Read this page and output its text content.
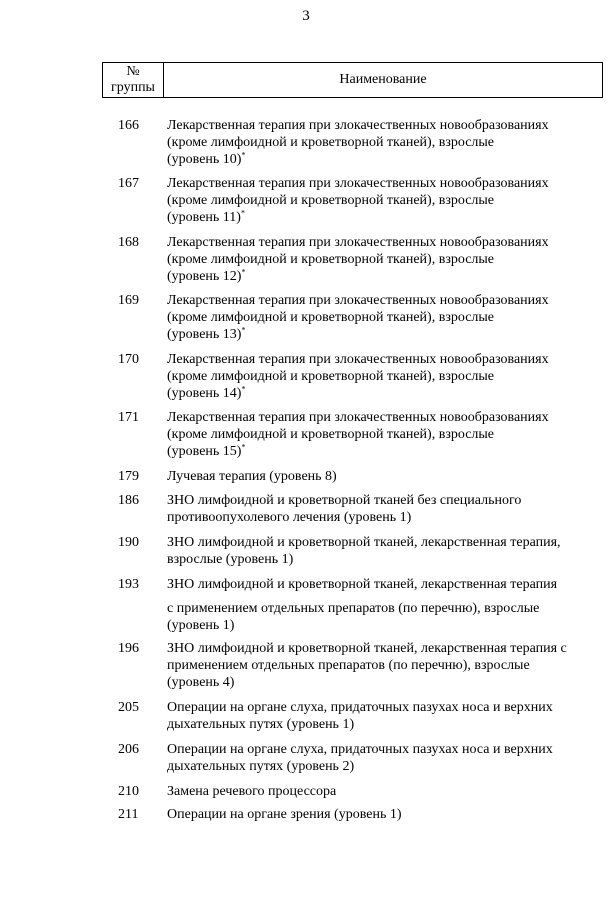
3
№
группы
	Наименование
166 Лекарственная терапия при злокачественных новообразованиях
(кроме лимфоидной и кроветворной тканей), взрослые
(уровень 10)*
167 Лекарственная терапия при злокачественных новообразованиях
(кроме лимфоидной и кроветворной тканей), взрослые
(уровень 11)*
168 Лекарственная терапия при злокачественных новообразованиях
(кроме лимфоидной и кроветворной тканей), взрослые
(уровень 12)*
169 Лекарственная терапия при злокачественных новообразованиях
(кроме лимфоидной и кроветворной тканей), взрослые
(уровень 13)*
170 Лекарственная терапия при злокачественных новообразованиях
(кроме лимфоидной и кроветворной тканей), взрослые
(уровень 14)*
171 Лекарственная терапия при злокачественных новообразованиях
(кроме лимфоидной и кроветворной тканей), взрослые
(уровень 15)*
179 Лучевая терапия (уровень 8)
186 ЗНО лимфоидной и кроветворной тканей без специального
противоопухолевого лечения (уровень 1)
190 ЗНО лимфоидной и кроветворной тканей, лекарственная терапия,
взрослые (уровень 1)
193 ЗНО лимфоидной и кроветворной тканей, лекарственная терапия

с применением отдельных препаратов (по перечню), взрослые
(уровень 1)
196 ЗНО лимфоидной и кроветворной тканей, лекарственная терапия с
применением отдельных препаратов (по перечню), взрослые
(уровень 4)
205 Операции на органе слуха, придаточных пазухах носа и верхних
дыхательных путях (уровень 1)
206 Операции на органе слуха, придаточных пазухах носа и верхних
дыхательных путях (уровень 2)
210 Замена речевого процессора
211 Операции на органе зрения (уровень 1)
